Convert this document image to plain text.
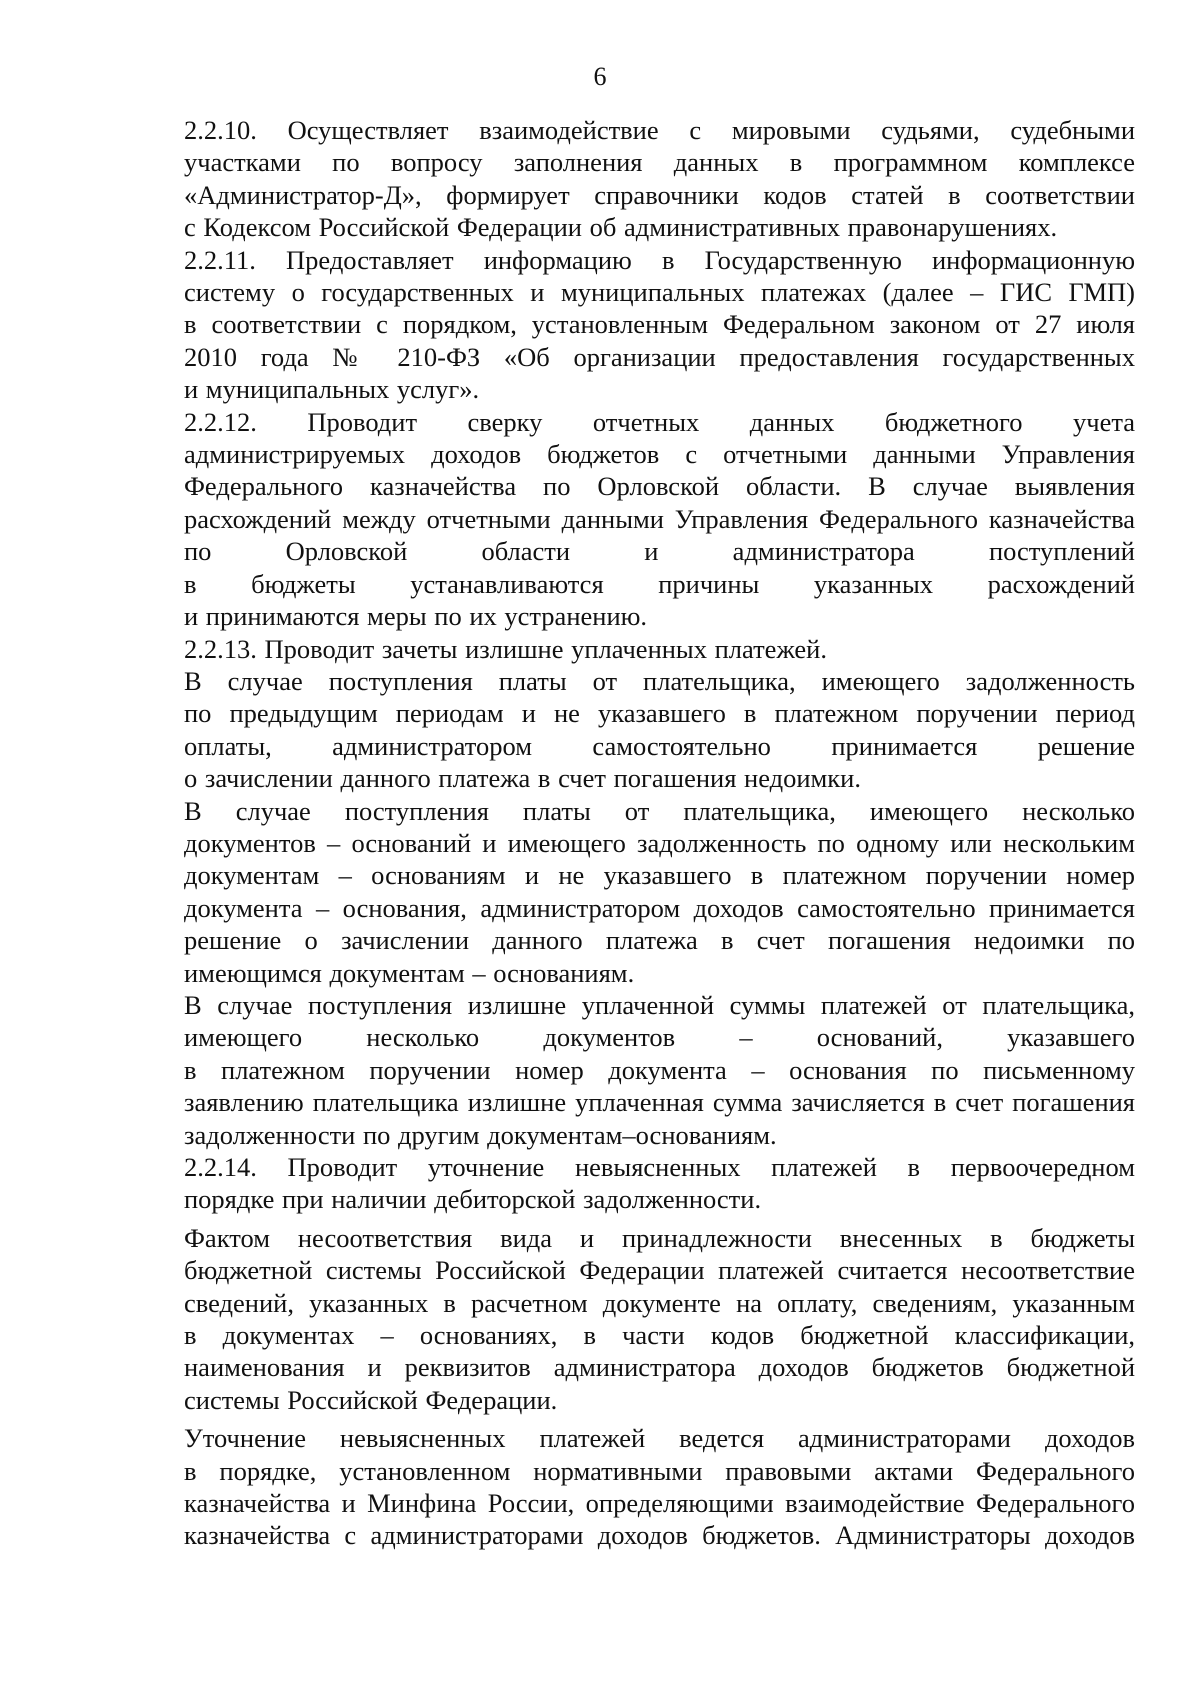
6
2.2.10. Осуществляет взаимодействие с мировыми судьями, судебными
участками по вопросу заполнения данных в программном комплексе
«Администратор-Д», формирует справочники кодов статей в соответствии
с Кодексом Российской Федерации об административных правонарушениях.
2.2.11. Предоставляет информацию в Государственную информационную
систему о государственных и муниципальных платежах (далее – ГИС ГМП)
в соответствии с порядком, установленным Федеральном законом от 27 июля
2010 года № 210-ФЗ «Об организации предоставления государственных
и муниципальных услуг».
2.2.12. Проводит сверку отчетных данных бюджетного учета
администрируемых доходов бюджетов с отчетными данными Управления
Федерального казначейства по Орловской области. В случае выявления
расхождений между отчетными данными Управления Федерального казначейства
по Орловской области и администратора поступлений
в бюджеты устанавливаются причины указанных расхождений
и принимаются меры по их устранению.
2.2.13. Проводит зачеты излишне уплаченных платежей.
В случае поступления платы от плательщика, имеющего задолженность
по предыдущим периодам и не указавшего в платежном поручении период
оплаты, администратором самостоятельно принимается решение
о зачислении данного платежа в счет погашения недоимки.
В случае поступления платы от плательщика, имеющего несколько
документов – оснований и имеющего задолженность по одному или нескольким
документам – основаниям и не указавшего в платежном поручении номер
документа – основания, администратором доходов самостоятельно принимается
решение о зачислении данного платежа в счет погашения недоимки по
имеющимся документам – основаниям.
В случае поступления излишне уплаченной суммы платежей от плательщика,
имеющего несколько документов – оснований, указавшего
в платежном поручении номер документа – основания по письменному
заявлению плательщика излишне уплаченная сумма зачисляется в счет погашения
задолженности по другим документам–основаниям.
2.2.14. Проводит уточнение невыясненных платежей в первоочередном
порядке при наличии дебиторской задолженности.
Фактом несоответствия вида и принадлежности внесенных в бюджеты
бюджетной системы Российской Федерации платежей считается несоответствие
сведений, указанных в расчетном документе на оплату, сведениям, указанным
в документах – основаниях, в части кодов бюджетной классификации,
наименования и реквизитов администратора доходов бюджетов бюджетной
системы Российской Федерации.
Уточнение невыясненных платежей ведется администраторами доходов
в порядке, установленном нормативными правовыми актами Федерального
казначейства и Минфина России, определяющими взаимодействие Федерального
казначейства с администраторами доходов бюджетов. Администраторы доходов
